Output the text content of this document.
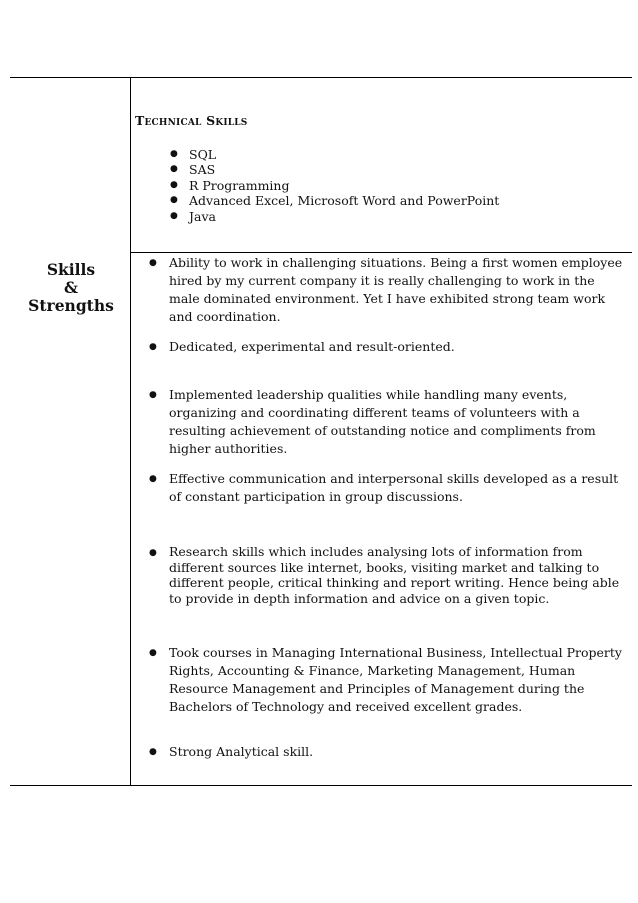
Skills
&
Strengths
Technical Skills
● SQL
● SAS
● R Programming
● Advanced Excel, Microsoft Word and PowerPoint
● Java
● Ability to work in challenging situations. Being a first women employee hired by my current company it is really challenging to work in the male dominated environment. Yet I have exhibited strong team work and coordination.
● Dedicated, experimental and result-oriented.
● Implemented leadership qualities while handling many events, organizing and coordinating different teams of volunteers with a resulting achievement of outstanding notice and compliments from higher authorities.
● Effective communication and interpersonal skills developed as a result of constant participation in group discussions.
● Research skills which includes analysing lots of information from different sources like internet, books, visiting market and talking to different people, critical thinking and report writing. Hence being able to provide in depth information and advice on a given topic.
● Took courses in Managing International Business, Intellectual Property Rights, Accounting & Finance, Marketing Management, Human Resource Management and Principles of Management during the Bachelors of Technology and received excellent grades.
● Strong Analytical skill.
